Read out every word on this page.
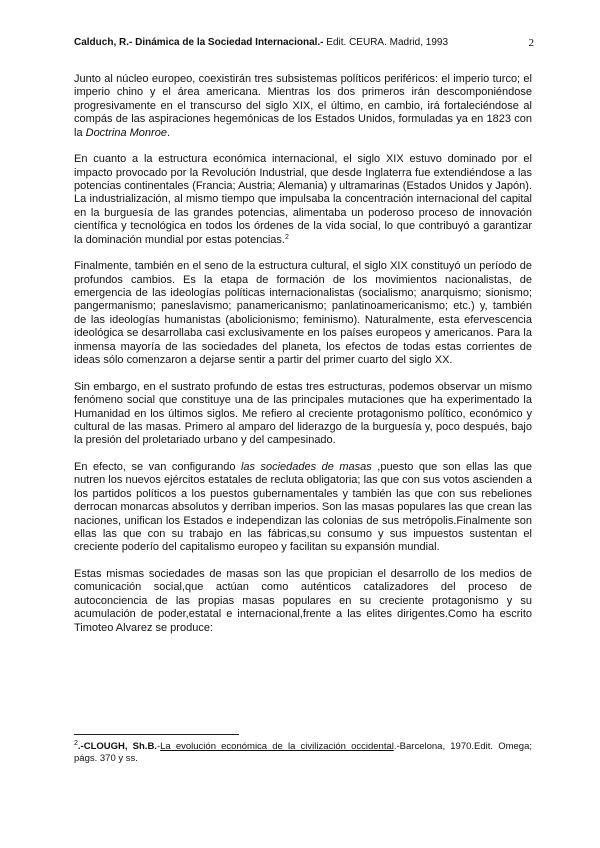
Calduch, R.- Dinámica de la Sociedad Internacional.- Edit. CEURA. Madrid, 1993	2

Junto al núcleo europeo, coexistirán tres subsistemas políticos periféricos: el imperio turco; el imperio chino y el área americana. Mientras los dos primeros irán descomponiéndose progresivamente en el transcurso del siglo XIX, el último, en cambio, irá fortaleciéndose al compás de las aspiraciones hegemónicas de los Estados Unidos, formuladas ya en 1823 con la Doctrina Monroe.

En cuanto a la estructura económica internacional, el siglo XIX estuvo dominado por el impacto provocado por la Revolución Industrial, que desde Inglaterra fue extendiéndose a las potencias continentales (Francia; Austria; Alemania) y ultramarinas (Estados Unidos y Japón). La industrialización, al mismo tiempo que impulsaba la concentración internacional del capital en la burguesía de las grandes potencias, alimentaba un poderoso proceso de innovación científica y tecnológica en todos los órdenes de la vida social, lo que contribuyó a garantizar la dominación mundial por estas potencias.$^2$

Finalmente, también en el seno de la estructura cultural, el siglo XIX constituyó un período de profundos cambios. Es la etapa de formación de los movimientos nacionalistas, de emergencia de las ideologías políticas internacionalistas (socialismo; anarquismo; sionismo; pangermanismo; paneslavismo; panamericanismo; panlatinoamericanismo; etc.) y, también de las ideologías humanistas (abolicionismo; feminismo). Naturalmente, esta efervescencia ideológica se desarrollaba casi exclusivamente en los países europeos y americanos. Para la inmensa mayoría de las sociedades del planeta, los efectos de todas estas corrientes de ideas sólo comenzaron a dejarse sentir a partir del primer cuarto del siglo XX.

Sin embargo, en el sustrato profundo de estas tres estructuras, podemos observar un mismo fenómeno social que constituye una de las principales mutaciones que ha experimentado la Humanidad en los últimos siglos. Me refiero al creciente protagonismo político, económico y cultural de las masas. Primero al amparo del liderazgo de la burguesía y, poco después, bajo la presión del proletariado urbano y del campesinado.

En efecto, se van configurando las sociedades de masas ,puesto que son ellas las que nutren los nuevos ejércitos estatales de recluta obligatoria; las que con sus votos ascienden a los partidos políticos a los puestos gubernamentales y también las que con sus rebeliones derrocan monarcas absolutos y derriban imperios. Son las masas populares las que crean las naciones, unifican los Estados e independizan las colonias de sus metrópolis.Finalmente son ellas las que con su trabajo en las fábricas,su consumo y sus impuestos sustentan el creciente poderío del capitalismo europeo y facilitan su expansión mundial.

Estas mismas sociedades de masas son las que propician el desarrollo de los medios de comunicación social,que actúan como auténticos catalizadores del proceso de autoconciencia de las propias masas populares en su creciente protagonismo y su acumulación de poder,estatal e internacional,frente a las elites dirigentes.Como ha escrito Timoteo Alvarez se produce:

$^2$.-CLOUGH, Sh.B.-La evolución económica de la civilización occidental.-Barcelona, 1970.Edit. Omega; págs. 370 y ss.
